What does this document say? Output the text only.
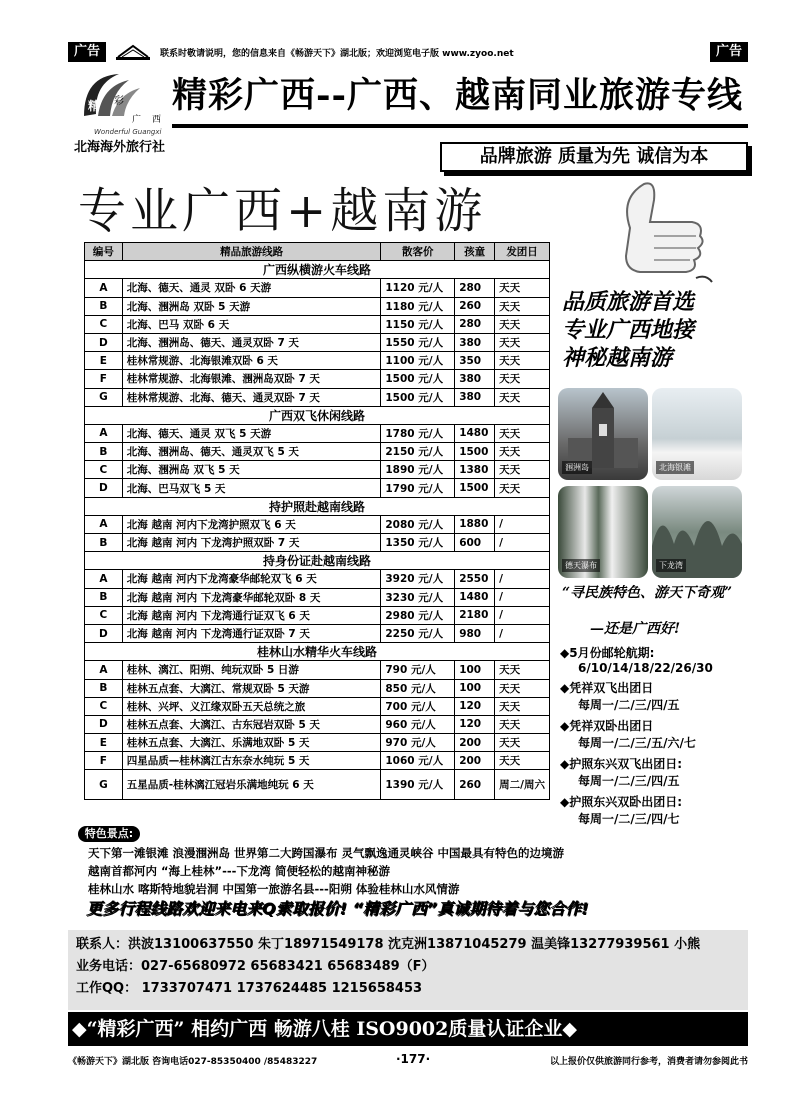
广告	联系时敬请说明，您的信息来自《畅游天下》湖北版；欢迎浏览电子版 www.zyoo.net	广告
精 彩
广 西
Wonderful Guangxi
北海海外旅行社
精彩广西--广西、越南同业旅游专线
品牌旅游 质量为先 诚信为本
专业广西+越南游
编号	精品旅游线路	散客价	孩童	发团日
广西纵横游火车线路				
A	北海、德天、通灵 双卧 6 天游	1120 元/人	280	天天
B	北海、涠洲岛 双卧 5 天游	1180 元/人	260	天天
C	北海、巴马 双卧 6 天	1150 元/人	280	天天
D	北海、涠洲岛、德天、通灵双卧 7 天	1550 元/人	380	天天
E	桂林常规游、北海银滩双卧 6 天	1100 元/人	350	天天
F	桂林常规游、北海银滩、涠洲岛双卧 7 天	1500 元/人	380	天天
G	桂林常规游、北海、德天、通灵双卧 7 天	1500 元/人	380	天天
广西双飞休闲线路				
A	北海、德天、通灵 双飞 5 天游	1780 元/人	1480	天天
B	北海、涠洲岛、德天、通灵双飞 5 天	2150 元/人	1500	天天
C	北海、涠洲岛 双飞 5 天	1890 元/人	1380	天天
D	北海、巴马双飞 5 天	1790 元/人	1500	天天
持护照赴越南线路				
A	北海 越南 河内下龙湾护照双飞 6 天	2080 元/人	1880	/
B	北海 越南 河内 下龙湾护照双卧 7 天	1350 元/人	600	/
持身份证赴越南线路				
A	北海 越南 河内下龙湾豪华邮轮双飞 6 天	3920 元/人	2550	/
B	北海 越南 河内 下龙湾豪华邮轮双卧 8 天	3230 元/人	1480	/
C	北海 越南 河内 下龙湾通行证双飞 6 天	2980 元/人	2180	/
D	北海 越南 河内 下龙湾通行证双卧 7 天	2250 元/人	980	/
桂林山水精华火车线路				
A	桂林、漓江、阳朔、纯玩双卧 5 日游	790 元/人	100	天天
B	桂林五点套、大漓江、常规双卧 5 天游	850 元/人	100	天天
C	桂林、兴坪、义江缘双卧五天总统之旅	700 元/人	120	天天
D	桂林五点套、大漓江、古东冠岩双卧 5 天	960 元/人	120	天天
E	桂林五点套、大漓江、乐满地双卧 5 天	970 元/人	200	天天
F	四星品质—桂林漓江古东奈水纯玩 5 天	1060 元/人	200	天天
G	五星品质-桂林漓江冠岩乐满地纯玩 6 天	1390 元/人	260	周二/周六
品质旅游首选
专业广西地接
神秘越南游
涠洲岛	北海银滩
德天瀑布	下龙湾
“寻民族特色、游天下奇观”
—还是广西好!
◆5月份邮轮航期:
6/10/14/18/22/26/30
◆凭祥双飞出团日
每周一/二/三/四/五
◆凭祥双卧出团日
每周一/二/三/五/六/七
◆护照东兴双飞出团日:
每周一/二/三/四/五
◆护照东兴双卧出团日:
每周一/二/三/四/七
特色景点:
天下第一滩银滩 浪漫涠洲岛 世界第二大跨国瀑布 灵气飘逸通灵峡谷 中国最具有特色的边境游
越南首都河内 “海上桂林”---下龙湾 简便轻松的越南神秘游
桂林山水 喀斯特地貌岩洞 中国第一旅游名县---阳朔 体验桂林山水风情游
更多行程线路欢迎来电来Q索取报价! “精彩广西”真诚期待着与您合作!
联系人：洪波13100637550 朱丁18971549178 沈克洲13871045279 温美锋13277939561 小熊
业务电话：027-65680972 65683421 65683489（F）
工作QQ： 1733707471 1737624485 1215658453
◆“精彩广西” 相约广西 畅游八桂 ISO9002质量认证企业◆
《畅游天下》湖北版 咨询电话027-85350400 /85483227	·177·	以上报价仅供旅游同行参考，消费者请勿参阅此书
